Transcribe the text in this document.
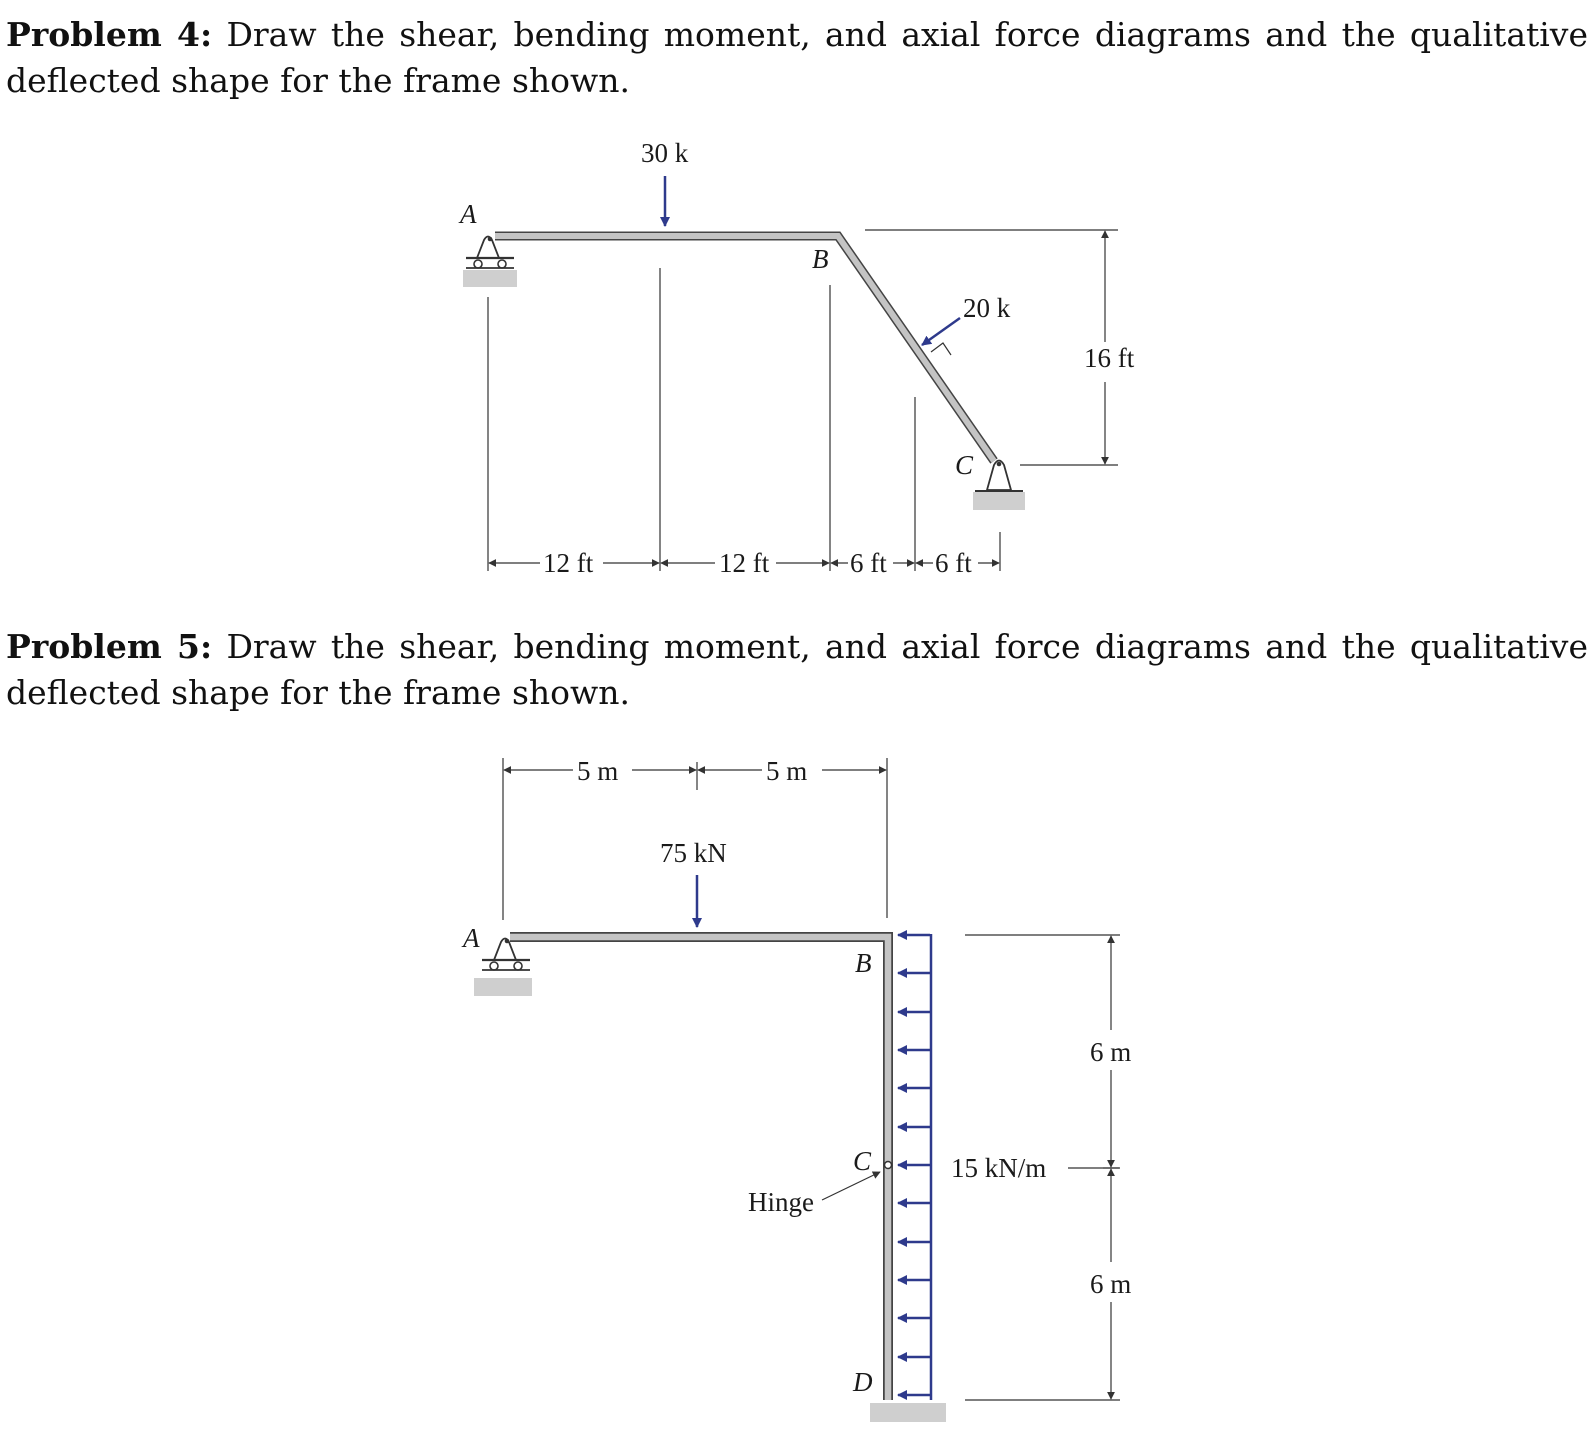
Problem 4: Draw the shear, bending moment, and axial force diagrams and the qualitative deflected shape for the frame shown.

Problem 5: Draw the shear, bending moment, and axial force diagrams and the qualitative deflected shape for the frame shown.

A
B
C
30 k
20 k
16 ft
12 ft	12 ft	6 ft 6 ft
A
B
C
D
75 kN
15 kN/m
Hinge
5 m	5 m
6 m
6 m
